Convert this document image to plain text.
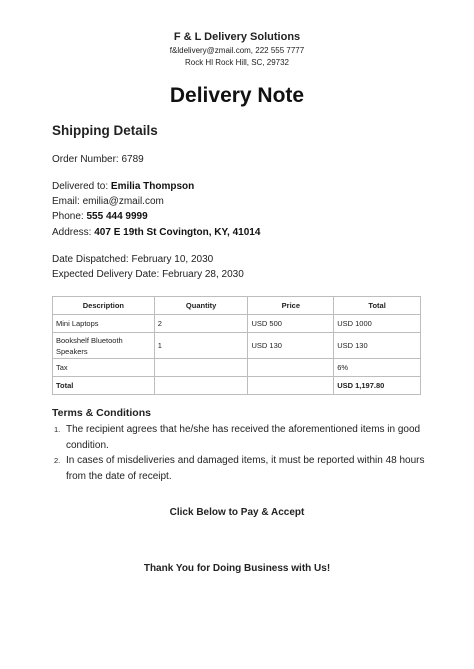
F & L Delivery Solutions
f&ldelivery@zmail.com, 222 555 7777
Rock Hl Rock Hill, SC, 29732
Delivery Note
Shipping Details
Order Number: 6789
Delivered to: Emilia Thompson
Email: emilia@zmail.com
Phone: 555 444 9999
Address: 407 E 19th St Covington, KY, 41014
Date Dispatched: February 10, 2030
Expected Delivery Date: February 28, 2030
Description	Quantity	Price	Total
Mini Laptops	2	USD 500	USD 1000
Bookshelf Bluetooth Speakers	1	USD 130	USD 130
Tax			6%
Total			USD 1,197.80
Terms & Conditions
1. The recipient agrees that he/she has received the aforementioned items in good condition.
2. In cases of misdeliveries and damaged items, it must be reported within 48 hours from the date of receipt.
Click Below to Pay & Accept
Thank You for Doing Business with Us!
